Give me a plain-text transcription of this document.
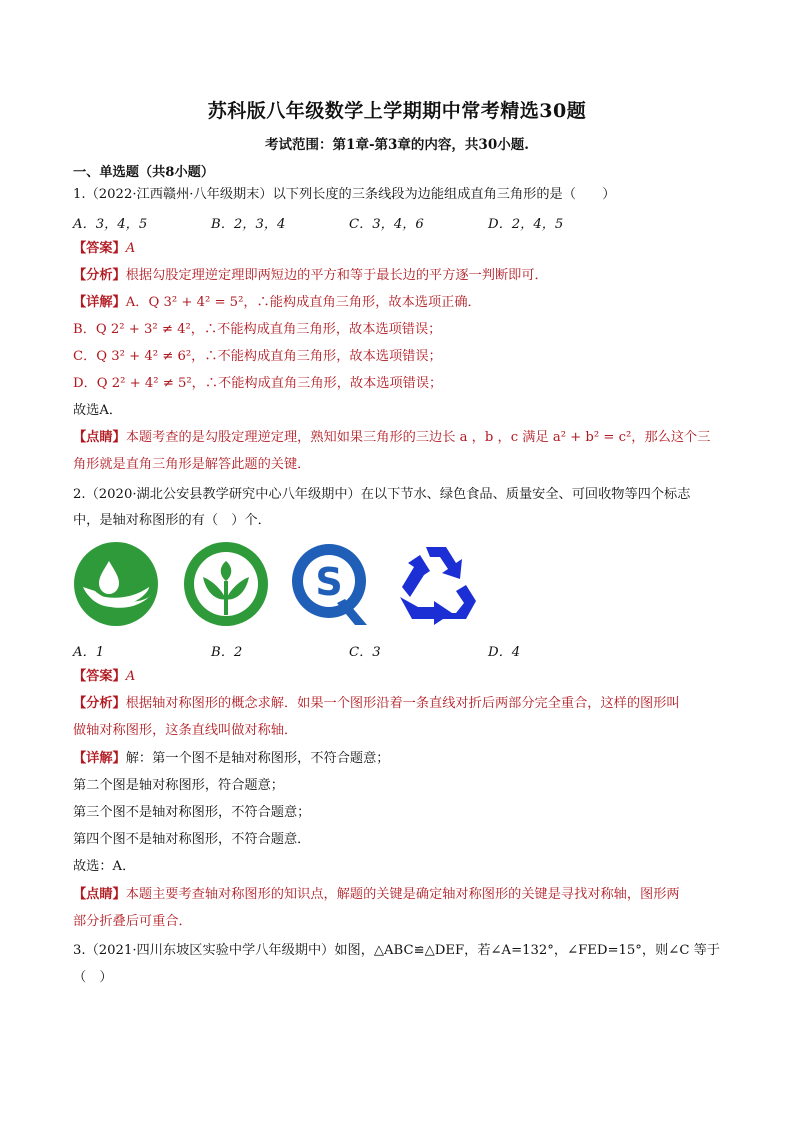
苏科版八年级数学上学期期中常考精选30题
考试范围：第1章-第3章的内容，共30小题.
一、单选题（共8小题）
1.（2022·江西赣州·八年级期末）以下列长度的三条线段为边能组成直角三角形的是（　　）
A．3，4，5	B．2，3，4	C．3，4，6	D．2，4，5
【答案】A
【分析】根据勾股定理逆定理即两短边的平方和等于最长边的平方逐一判断即可．
【详解】A．Q 3² + 4² = 5²，∴能构成直角三角形，故本选项正确．
B．Q 2² + 3² ≠ 4²，∴不能构成直角三角形，故本选项错误；
C．Q 3² + 4² ≠ 6²，∴不能构成直角三角形，故本选项错误；
D．Q 2² + 4² ≠ 5²，∴不能构成直角三角形，故本选项错误；
故选A．
【点睛】本题考查的是勾股定理逆定理，熟知如果三角形的三边长 a ，b ，c 满足 a² + b² = c²，那么这个三
角形就是直角三角形是解答此题的关键．
2.（2020·湖北公安县教学研究中心八年级期中）在以下节水、绿色食品、质量安全、可回收物等四个标志
中，是轴对称图形的有（　）个．
S
A．1	B．2	C．3	D．4
【答案】A
【分析】根据轴对称图形的概念求解．如果一个图形沿着一条直线对折后两部分完全重合，这样的图形叫
做轴对称图形，这条直线叫做对称轴．
【详解】解：第一个图不是轴对称图形，不符合题意；
第二个图是轴对称图形，符合题意；
第三个图不是轴对称图形，不符合题意；
第四个图不是轴对称图形，不符合题意．
故选：A．
【点睛】本题主要考查轴对称图形的知识点，解题的关键是确定轴对称图形的关键是寻找对称轴，图形两
部分折叠后可重合．
3.（2021·四川东坡区实验中学八年级期中）如图，△ABC≌△DEF，若∠A=132°，∠FED=15°，则∠C 等于
（　）
